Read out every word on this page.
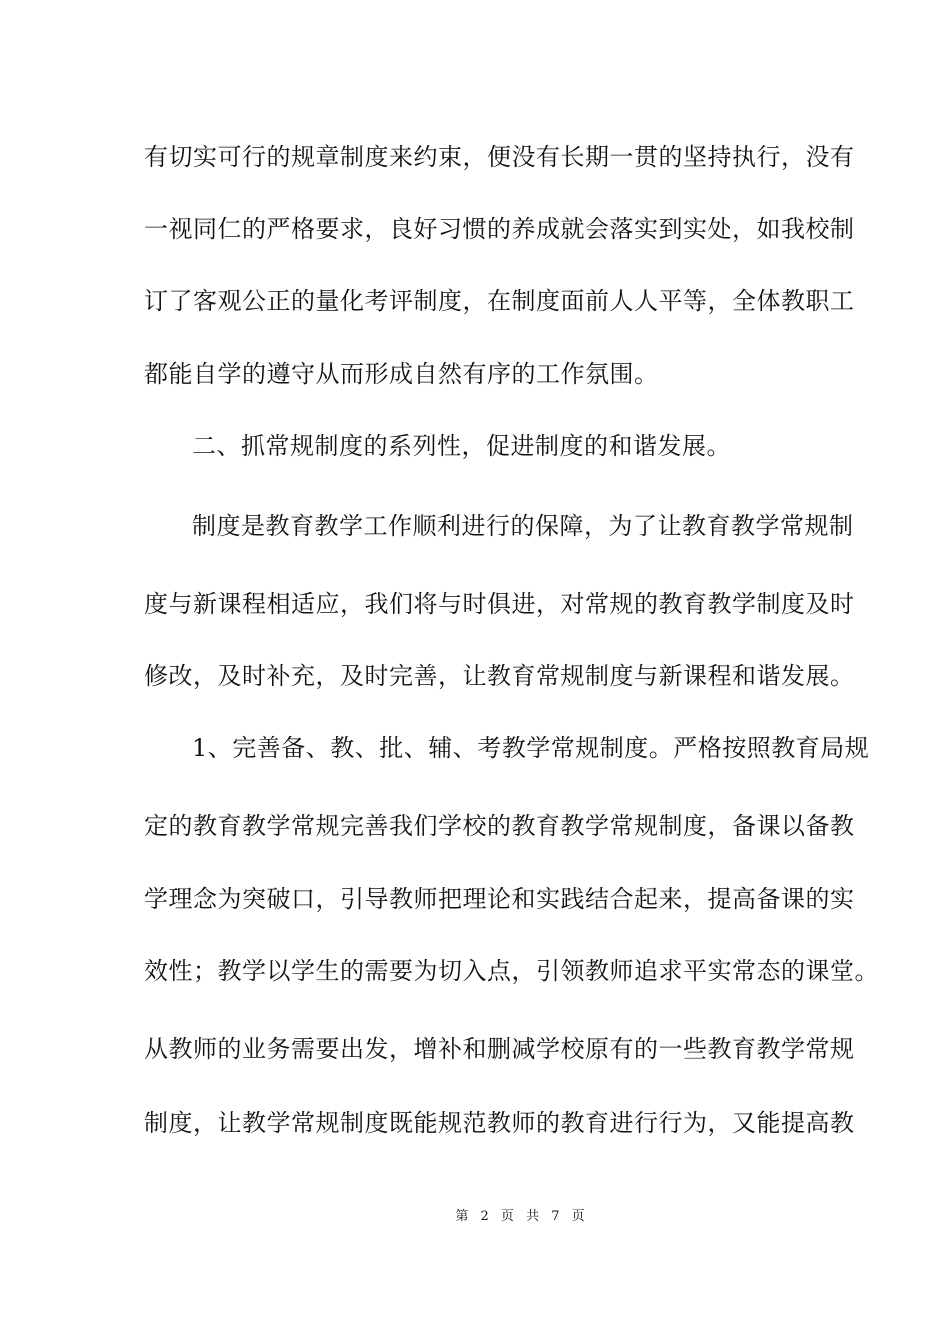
有切实可行的规章制度来约束，便没有长期一贯的坚持执行，没有
一视同仁的严格要求，良好习惯的养成就会落实到实处，如我校制
订了客观公正的量化考评制度，在制度面前人人平等，全体教职工
都能自学的遵守从而形成自然有序的工作氛围。
二、抓常规制度的系列性，促进制度的和谐发展。
制度是教育教学工作顺利进行的保障，为了让教育教学常规制
度与新课程相适应，我们将与时俱进，对常规的教育教学制度及时
修改，及时补充，及时完善，让教育常规制度与新课程和谐发展。
1、完善备、教、批、辅、考教学常规制度。严格按照教育局规
定的教育教学常规完善我们学校的教育教学常规制度，备课以备教
学理念为突破口，引导教师把理论和实践结合起来，提高备课的实
效性；教学以学生的需要为切入点，引领教师追求平实常态的课堂。
从教师的业务需要出发，增补和删减学校原有的一些教育教学常规
制度，让教学常规制度既能规范教师的教育进行行为，又能提高教
第 2 页 共 7 页
